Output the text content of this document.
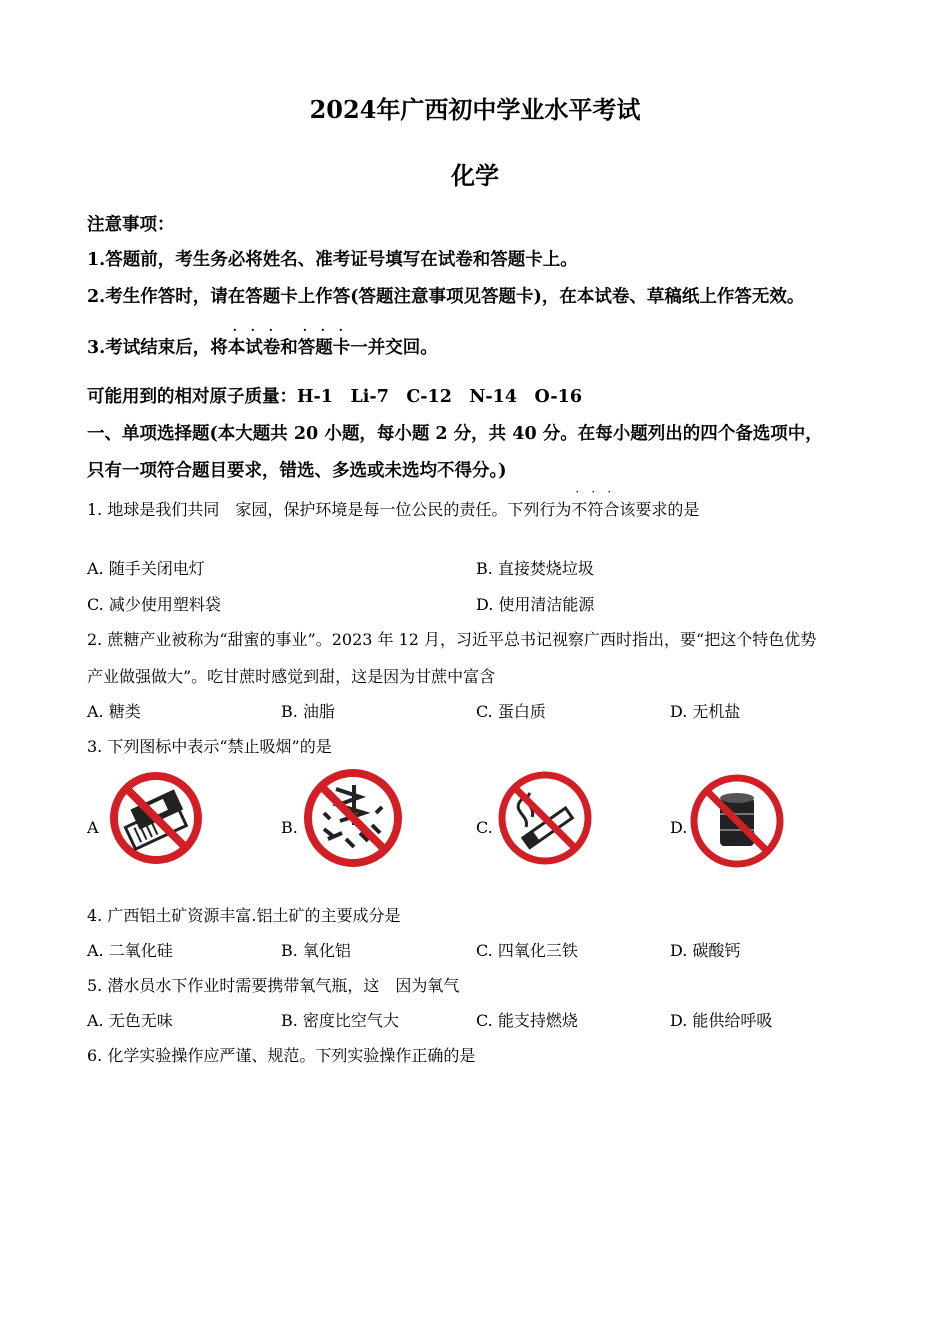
2024年广西初中学业水平考试
化学
注意事项：
1.答题前，考生务必将姓名、准考证号填写在试卷和答题卡上。
2.考生作答时，请在答题卡上作答(答题注意事项见答题卡)，在本试卷、草稿纸上作答无效。
3.考试结束后，将
· · ·
本试卷和
· · ·
答题卡一并交回。
可能用到的相对原子质量：H-1　Li-7　C-12　N-14　O-16
一、单项选择题(本大题共 20 小题，每小题 2 分，共 40 分。在每小题列出的四个备选项中，
只有一项符合题目要求，错选、多选或未选均不得分。)
1. 地球是我们共同　家园，保护环境是每一位公民的责任。下列行为
· · ·
不符合该要求的是
A. 随手关闭电灯	B. 直接焚烧垃圾
C. 减少使用塑料袋	D. 使用清洁能源
2. 蔗糖产业被称为“甜蜜的事业”。2023 年 12 月，习近平总书记视察广西时指出，要“把这个特色优势
产业做强做大”。吃甘蔗时感觉到甜，这是因为甘蔗中富含
A. 糖类	B. 油脂	C. 蛋白质	D. 无机盐
3. 下列图标中表示“禁止吸烟”的是
A	B.	C.	D.
4. 广西铝土矿资源丰富.铝土矿的主要成分是
A. 二氧化硅	B. 氧化铝	C. 四氧化三铁	D. 碳酸钙
5. 潜水员水下作业时需要携带氧气瓶，这　因为氧气
A. 无色无味	B. 密度比空气大	C. 能支持燃烧	D. 能供给呼吸
6. 化学实验操作应严谨、规范。下列实验操作正确的是
